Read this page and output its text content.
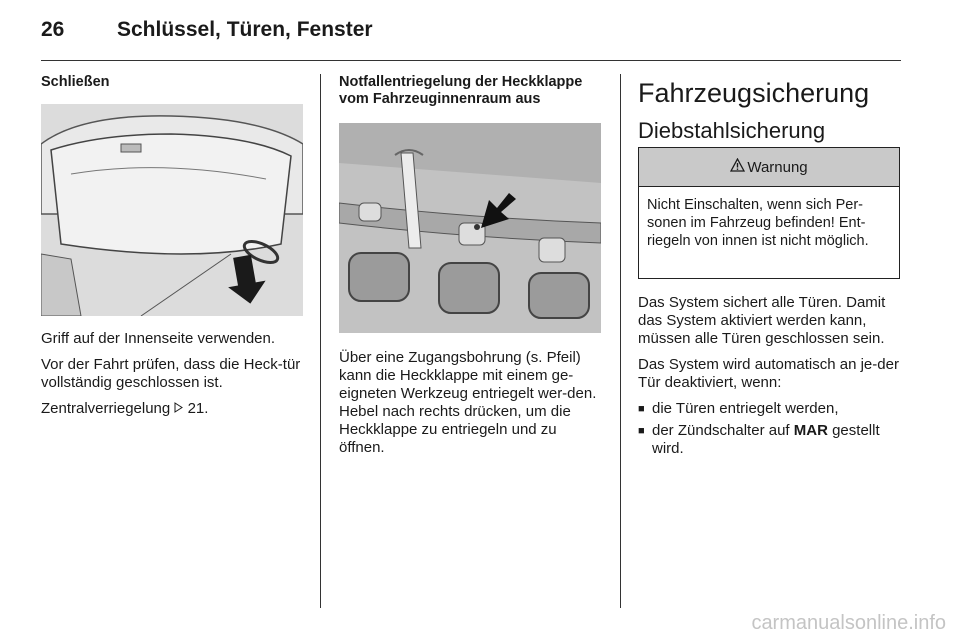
26	Schlüssel, Türen, Fenster

Schließen

Griff auf der Innenseite verwenden.

Vor der Fahrt prüfen, dass die Heck-tür vollständig geschlossen ist.

Zentralverriegelung 21.

Notfallentriegelung der Heckklappe vom Fahrzeuginnenraum aus

Über eine Zugangsbohrung (s. Pfeil) kann die Heckklappe mit einem ge-eigneten Werkzeug entriegelt wer-den. Hebel nach rechts drücken, um die Heckklappe zu entriegeln und zu öffnen.

Fahrzeugsicherung
Diebstahlsicherung
Warnung
Nicht Einschalten, wenn sich Per-sonen im Fahrzeug befinden! Ent-riegeln von innen ist nicht möglich.

Das System sichert alle Türen. Damit das System aktiviert werden kann, müssen alle Türen geschlossen sein.

Das System wird automatisch an je-der Tür deaktiviert, wenn:

■ die Türen entriegelt werden,
■ der Zündschalter auf MAR gestellt wird.
carmanualsonline.info
